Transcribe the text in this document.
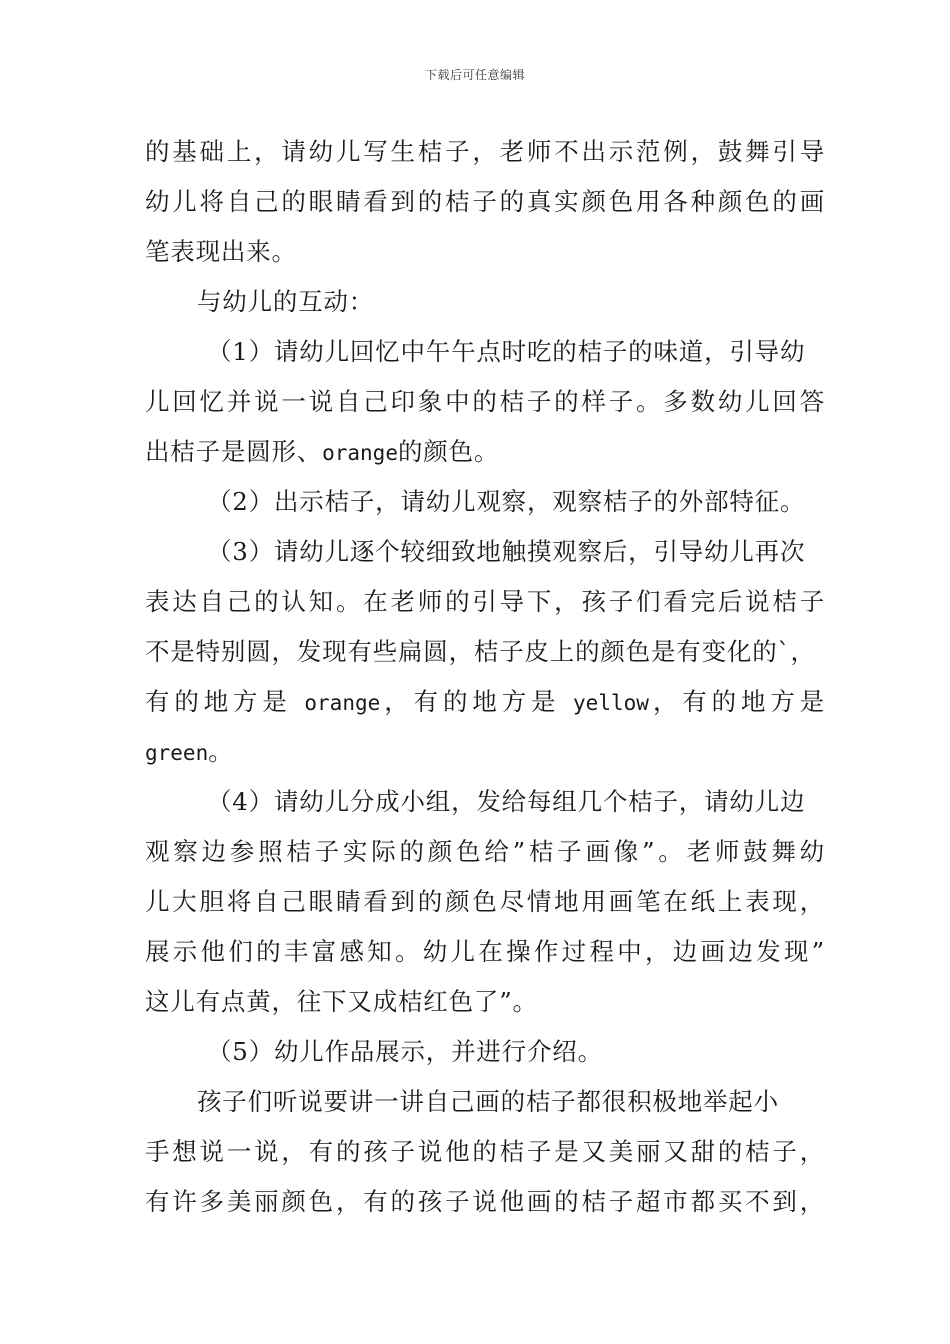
下载后可任意编辑
的基础上，请幼儿写生桔子，老师不出示范例，鼓舞引导
幼儿将自己的眼睛看到的桔子的真实颜色用各种颜色的画
笔表现出来。
与幼儿的互动：
（1）请幼儿回忆中午午点时吃的桔子的味道，引导幼
儿回忆并说一说自己印象中的桔子的样子。多数幼儿回答
出桔子是圆形、orange的颜色。
（2）出示桔子，请幼儿观察，观察桔子的外部特征。
（3）请幼儿逐个较细致地触摸观察后，引导幼儿再次
表达自己的认知。在老师的引导下，孩子们看完后说桔子
不是特别圆，发现有些扁圆，桔子皮上的颜色是有变化的`，
有的地方是 orange，有的地方是 yellow，有的地方是
green。
（4）请幼儿分成小组，发给每组几个桔子，请幼儿边
观察边参照桔子实际的颜色给”桔子画像”。老师鼓舞幼
儿大胆将自己眼睛看到的颜色尽情地用画笔在纸上表现，
展示他们的丰富感知。幼儿在操作过程中，边画边发现”
这儿有点黄，往下又成桔红色了”。
（5）幼儿作品展示，并进行介绍。
孩子们听说要讲一讲自己画的桔子都很积极地举起小
手想说一说，有的孩子说他的桔子是又美丽又甜的桔子，
有许多美丽颜色，有的孩子说他画的桔子超市都买不到，
